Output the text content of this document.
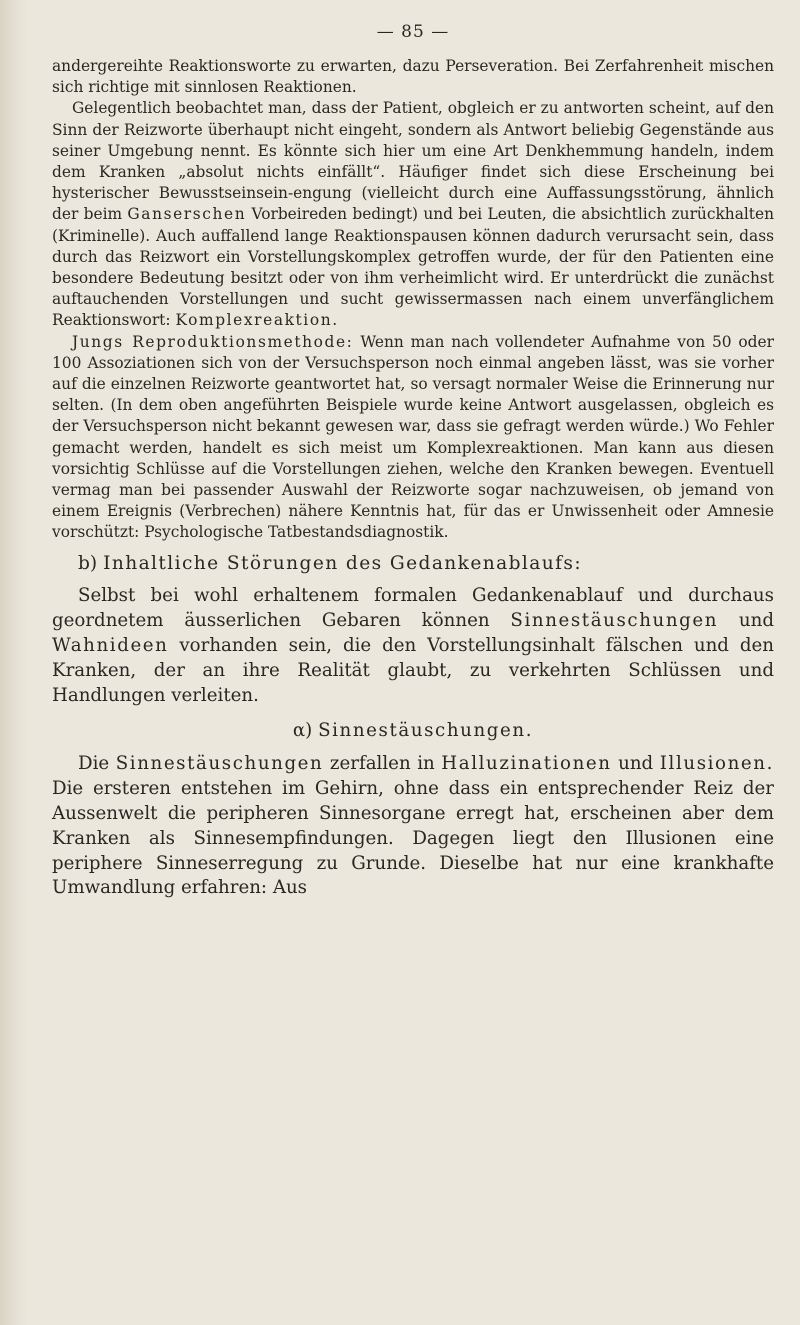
— 85 —

andergereihte Reaktionsworte zu erwarten, dazu Perseveration. Bei Zerfahrenheit mischen sich richtige mit sinnlosen Reaktionen.

Gelegentlich beobachtet man, dass der Patient, obgleich er zu antworten scheint, auf den Sinn der Reizworte überhaupt nicht eingeht, sondern als Antwort beliebig Gegenstände aus seiner Umgebung nennt. Es könnte sich hier um eine Art Denkhemmung handeln, indem dem Kranken „absolut nichts einfällt“. Häufiger findet sich diese Erscheinung bei hysterischer Bewusstseinsein-engung (vielleicht durch eine Auffassungsstörung, ähnlich der beim Ganserschen Vorbeireden bedingt) und bei Leuten, die absichtlich zurückhalten (Kriminelle). Auch auffallend lange Reaktionspausen können dadurch verursacht sein, dass durch das Reizwort ein Vorstellungskomplex getroffen wurde, der für den Patienten eine besondere Bedeutung besitzt oder von ihm verheimlicht wird. Er unterdrückt die zunächst auftauchenden Vorstellungen und sucht gewissermassen nach einem unverfänglichem Reaktionswort: Komplexreaktion.

Jungs Reproduktionsmethode: Wenn man nach vollendeter Aufnahme von 50 oder 100 Assoziationen sich von der Versuchsperson noch einmal angeben lässt, was sie vorher auf die einzelnen Reizworte geantwortet hat, so versagt normaler Weise die Erinnerung nur selten. (In dem oben angeführten Beispiele wurde keine Antwort ausgelassen, obgleich es der Versuchsperson nicht bekannt gewesen war, dass sie gefragt werden würde.) Wo Fehler gemacht werden, handelt es sich meist um Komplexreaktionen. Man kann aus diesen vorsichtig Schlüsse auf die Vorstellungen ziehen, welche den Kranken bewegen. Eventuell vermag man bei passender Auswahl der Reizworte sogar nachzuweisen, ob jemand von einem Ereignis (Verbrechen) nähere Kenntnis hat, für das er Unwissenheit oder Amnesie vorschützt: Psychologische Tatbestandsdiagnostik.

b) Inhaltliche Störungen des Gedankenablaufs:

Selbst bei wohl erhaltenem formalen Gedankenablauf und durchaus geordnetem äusserlichen Gebaren können Sinnestäuschungen und Wahnideen vorhanden sein, die den Vorstellungsinhalt fälschen und den Kranken, der an ihre Realität glaubt, zu verkehrten Schlüssen und Handlungen verleiten.

α) Sinnestäuschungen.

Die Sinnestäuschungen zerfallen in Halluzinationen und Illusionen. Die ersteren entstehen im Gehirn, ohne dass ein entsprechender Reiz der Aussenwelt die peripheren Sinnesorgane erregt hat, erscheinen aber dem Kranken als Sinnesempfindungen. Dagegen liegt den Illusionen eine periphere Sinneserregung zu Grunde. Dieselbe hat nur eine krankhafte Umwandlung erfahren: Aus
